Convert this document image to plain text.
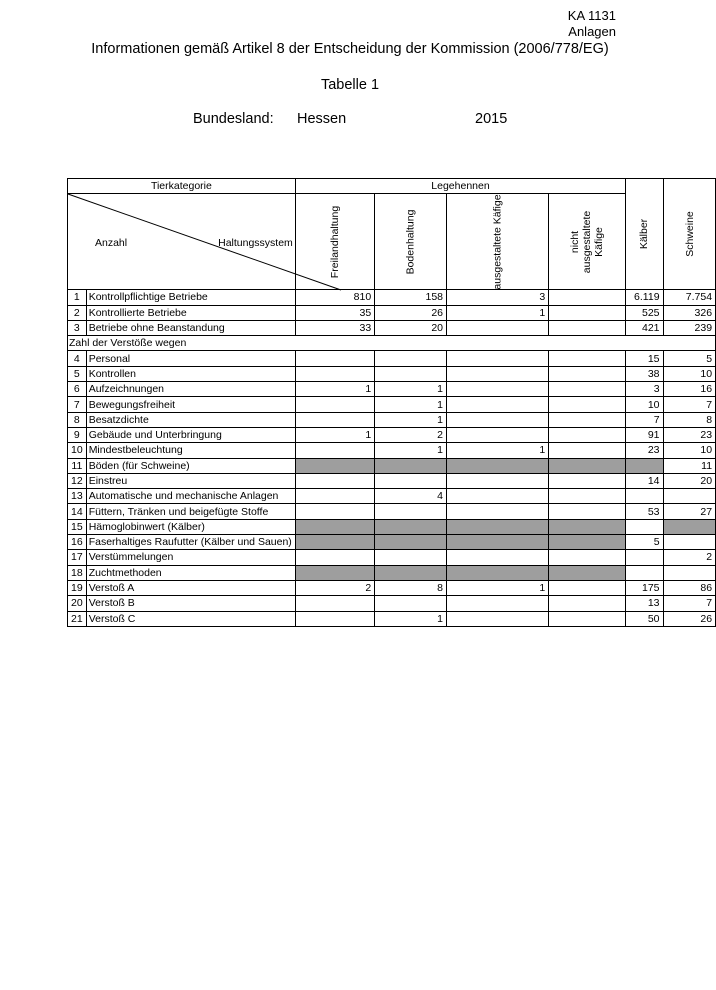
KA 1131
Anlagen
Informationen gemäß Artikel 8 der Entscheidung der Kommission (2006/778/EG)
Tabelle 1
Bundesland: Hessen	2015
Tierkategorie		Legehennen				Kälber	Schweine

Anzahl Haltungssystem		Freilandhaltung	Bodenhaltung	ausgestaltete Käfige	nicht ausgestaltete Käfige		

1	Kontrollpflichtige Betriebe	810	158	3		6.119	7.754
2	Kontrollierte Betriebe	35	26	1		525	326
3	Betriebe ohne Beanstandung	33	20			421	239
Zahl der Verstöße wegen							
4	Personal					15	5
5	Kontrollen					38	10
6	Aufzeichnungen	1	1			3	16
7	Bewegungsfreiheit		1			10	7
8	Besatzdichte		1			7	8
9	Gebäude und Unterbringung	1	2			91	23
10	Mindestbeleuchtung		1	1		23	10
11	Böden (für Schweine)						11
12	Einstreu					14	20
13	Automatische und mechanische Anlagen		4				
14	Füttern, Tränken und beigefügte Stoffe					53	27
15	Hämoglobinwert (Kälber)						
16	Faserhaltiges Raufutter (Kälber und Sauen)					5	
17	Verstümmelungen						2
18	Zuchtmethoden						
19	Verstoß A	2	8	1		175	86
20	Verstoß B					13	7
21	Verstoß C		1			50	26
